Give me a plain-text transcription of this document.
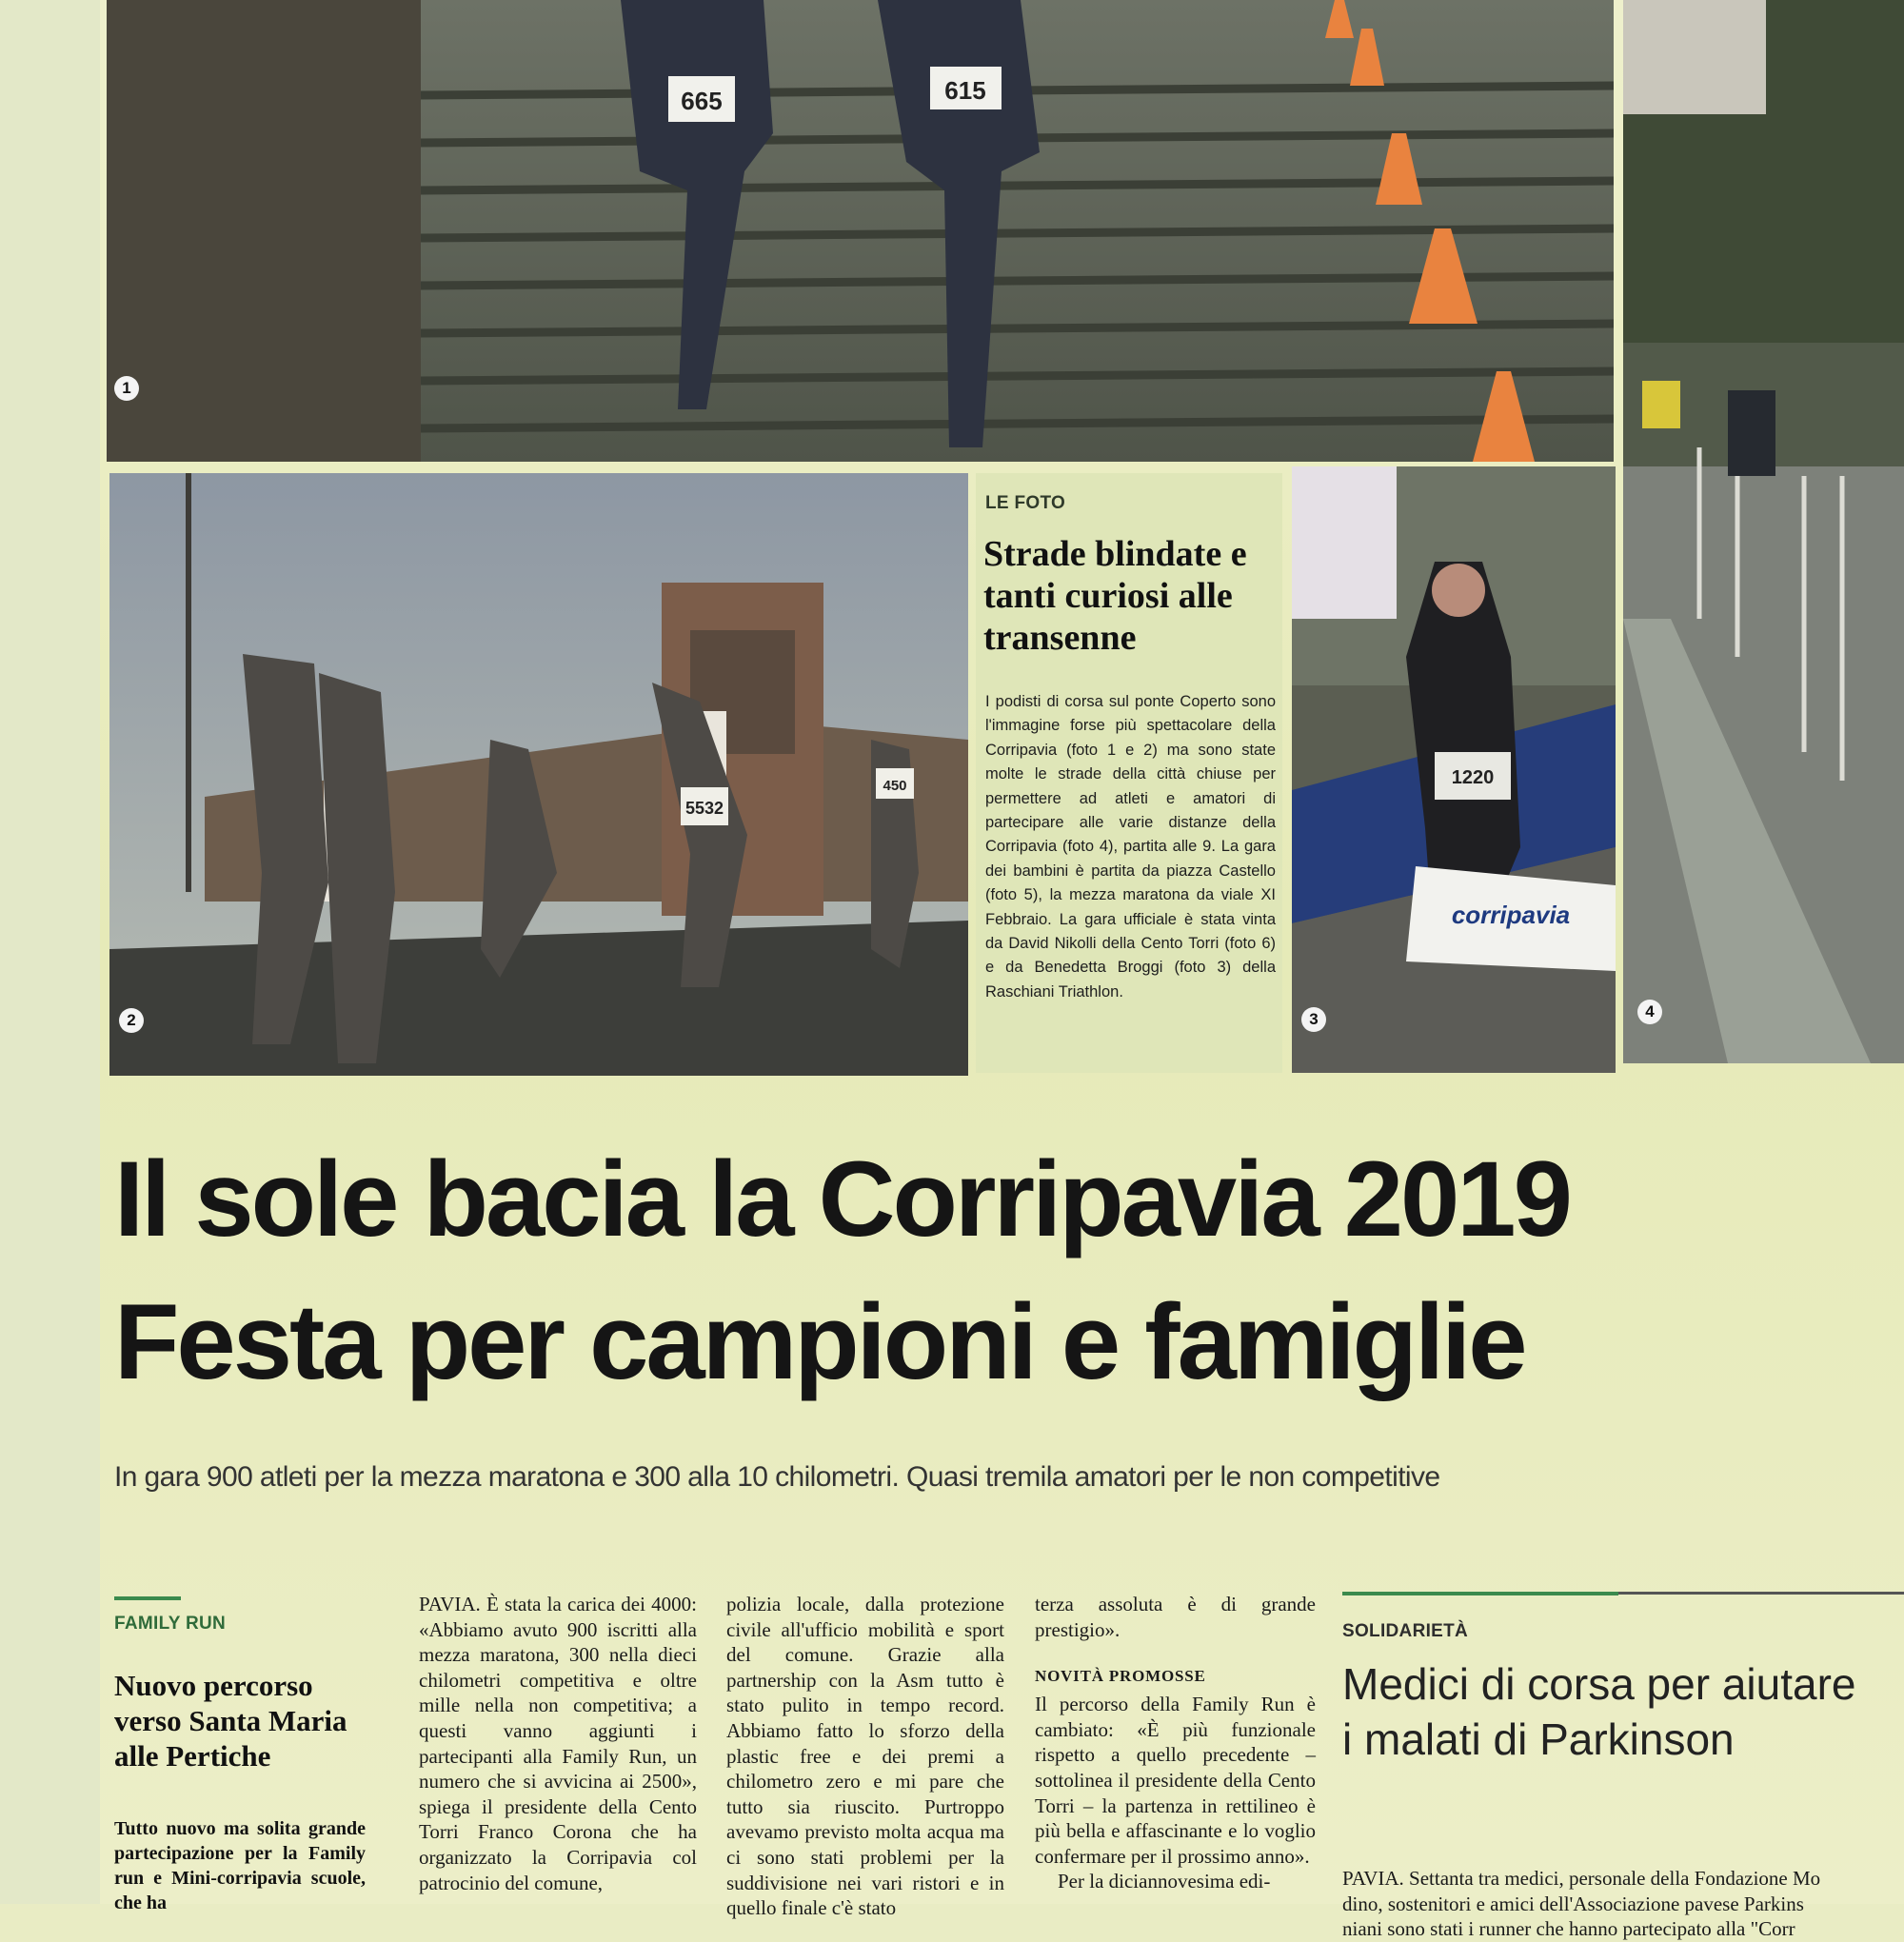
665	615
1
4
5532
450
2
LE FOTO
Strade blindate e tanti curiosi alle transenne
I podisti di corsa sul ponte Coperto sono l'immagine forse più spettacolare della Corripavia (foto 1 e 2) ma sono state molte le strade della città chiuse per permettere ad atleti e amatori di partecipare alle varie distanze della Corripavia (foto 4), partita alle 9. La gara dei bambini è partita da piazza Castello (foto 5), la mezza maratona da viale XI Febbraio. La gara ufficiale è stata vinta da David Nikolli della Cento Torri (foto 6) e da Benedetta Broggi (foto 3) della Raschiani Triathlon.
1220
corripavia
3
Il sole bacia la Corripavia 2019
Festa per campioni e famiglie
In gara 900 atleti per la mezza maratona e 300 alla 10 chilometri. Quasi tremila amatori per le non competitive
FAMILY RUN
Nuovo percorso verso Santa Maria alle Pertiche
Tutto nuovo ma solita grande partecipazione per la Family run e Mini-corripavia scuole, che ha

PAVIA. È stata la carica dei 4000: «Abbiamo avuto 900 iscritti alla mezza maratona, 300 nella dieci chilometri competitiva e oltre mille nella non competitiva; a questi vanno aggiunti i partecipanti alla Family Run, un numero che si avvicina ai 2500», spiega il presidente della Cento Torri Franco Corona che ha organizzato la Corripavia col patrocinio del comune,

polizia locale, dalla protezione civile all'ufficio mobilità e sport del comune. Grazie alla partnership con la Asm tutto è stato pulito in tempo record. Abbiamo fatto lo sforzo della plastic free e dei premi a chilometro zero e mi pare che tutto sia riuscito. Purtroppo avevamo previsto molta acqua ma ci sono stati problemi per la suddivisione nei vari ristori e in quello finale c'è stato

terza assoluta è di grande prestigio».

NOVITÀ PROMOSSE

Il percorso della Family Run è cambiato: «È più funzionale rispetto a quello precedente – sottolinea il presidente della Cento Torri – la partenza in rettilineo è più bella e affascinante e lo voglio confermare per il prossimo anno».

Per la diciannovesima edi-

SOLIDARIETÀ
Medici di corsa per aiutare
i malati di Parkinson
PAVIA. Settanta tra medici, personale della Fondazione Mo
dino, sostenitori e amici dell'Associazione pavese Parkins
niani sono stati i runner che hanno partecipato alla "Corr
